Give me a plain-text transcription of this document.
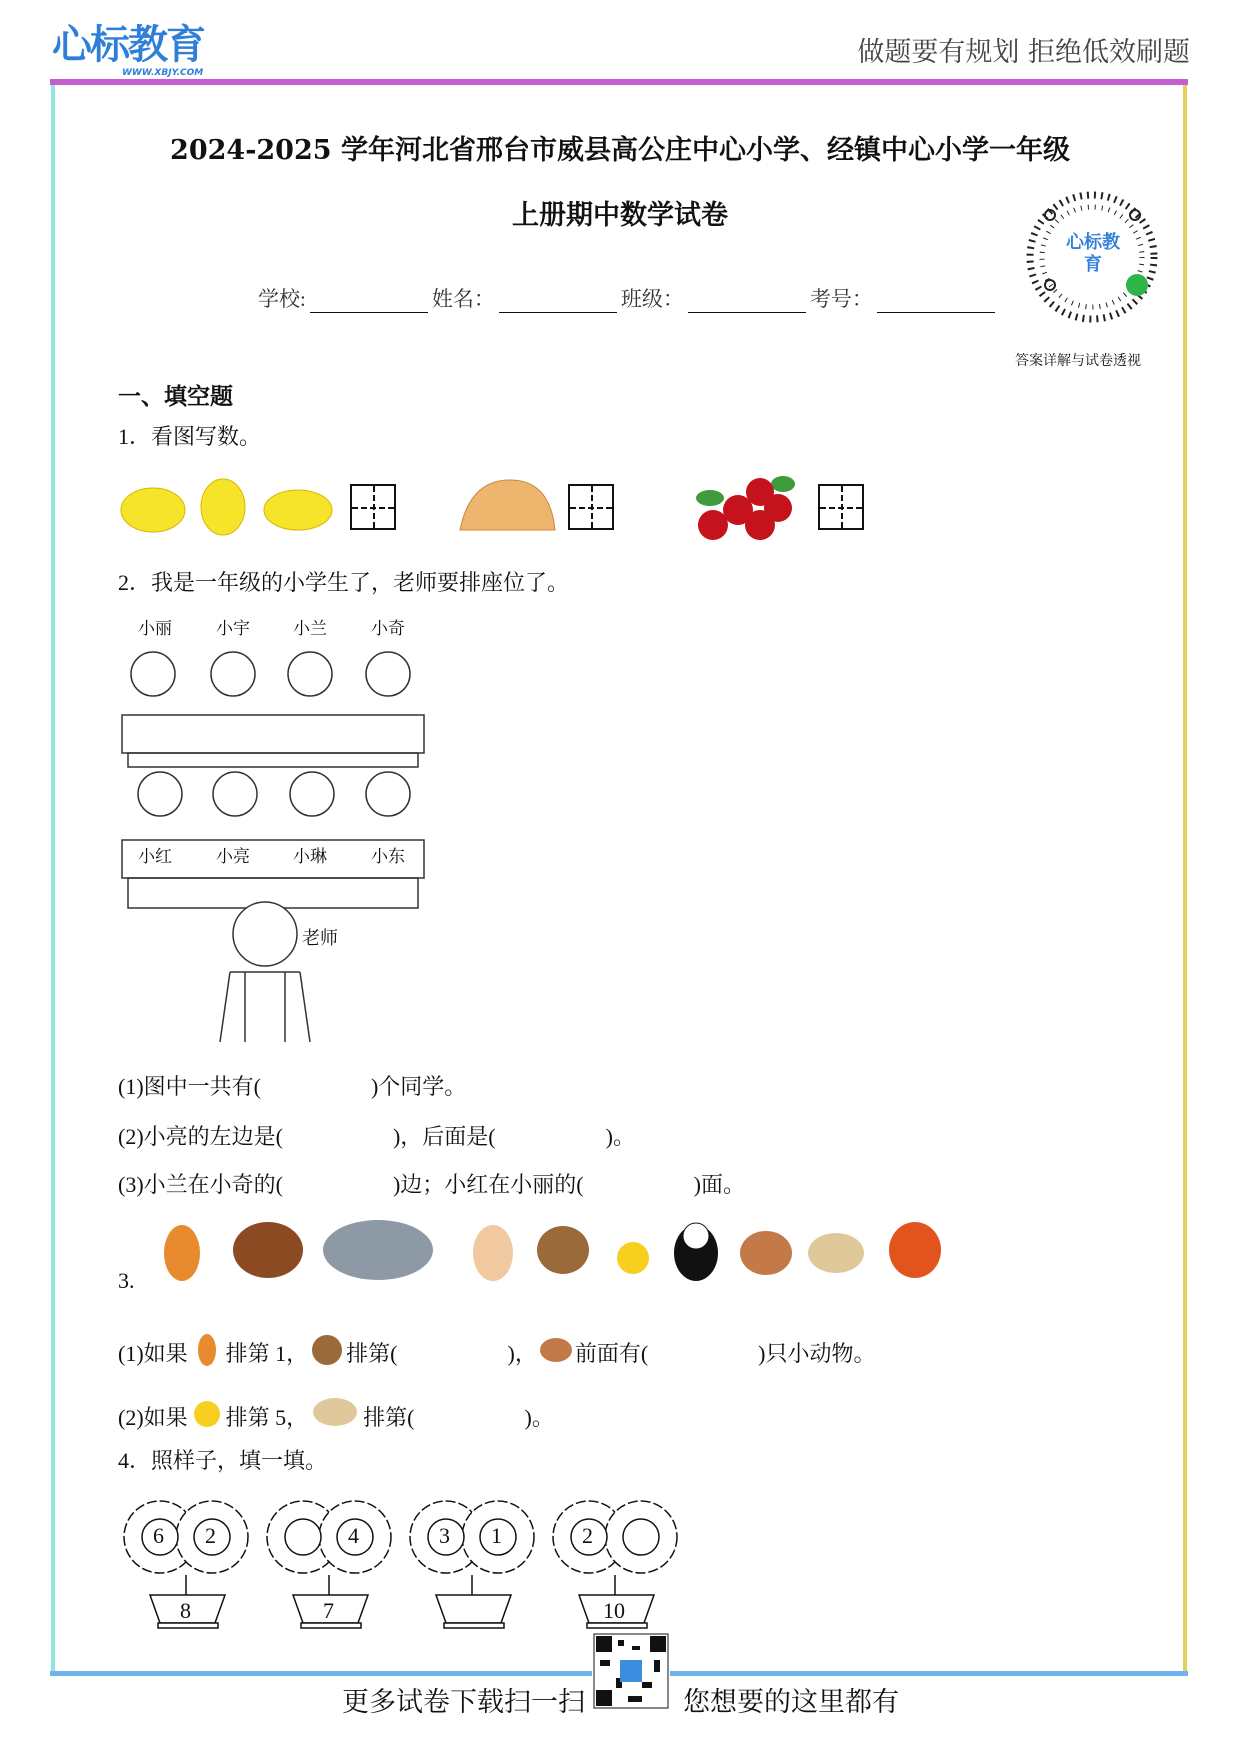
心标教育
WWW.XBJY.COM
做题要有规划 拒绝低效刷题
2024-2025 学年河北省邢台市威县高公庄中心小学、经镇中心小学一年级
上册期中数学试卷
学校:	姓名：	班级：	考号：
心标教育
答案详解与试卷透视
一、填空题
1．看图写数。
2．我是一年级的小学生了，老师要排座位了。
小丽	小宇	小兰	小奇
小红	小亮	小琳	小东
老师
(1)图中一共有(	)个同学。
(2)小亮的左边是(	)，后面是(	)。
(3)小兰在小奇的(	)边；小红在小丽的(	)面。
3.
(1)如果 排第 1， 排第(	)， 前面有(	)只小动物。
(2)如果 排第 5，	排第(	)。
4．照样子，填一填。
6 2
8
4
7
3 1	2
10
更多试卷下载扫一扫	您想要的这里都有
